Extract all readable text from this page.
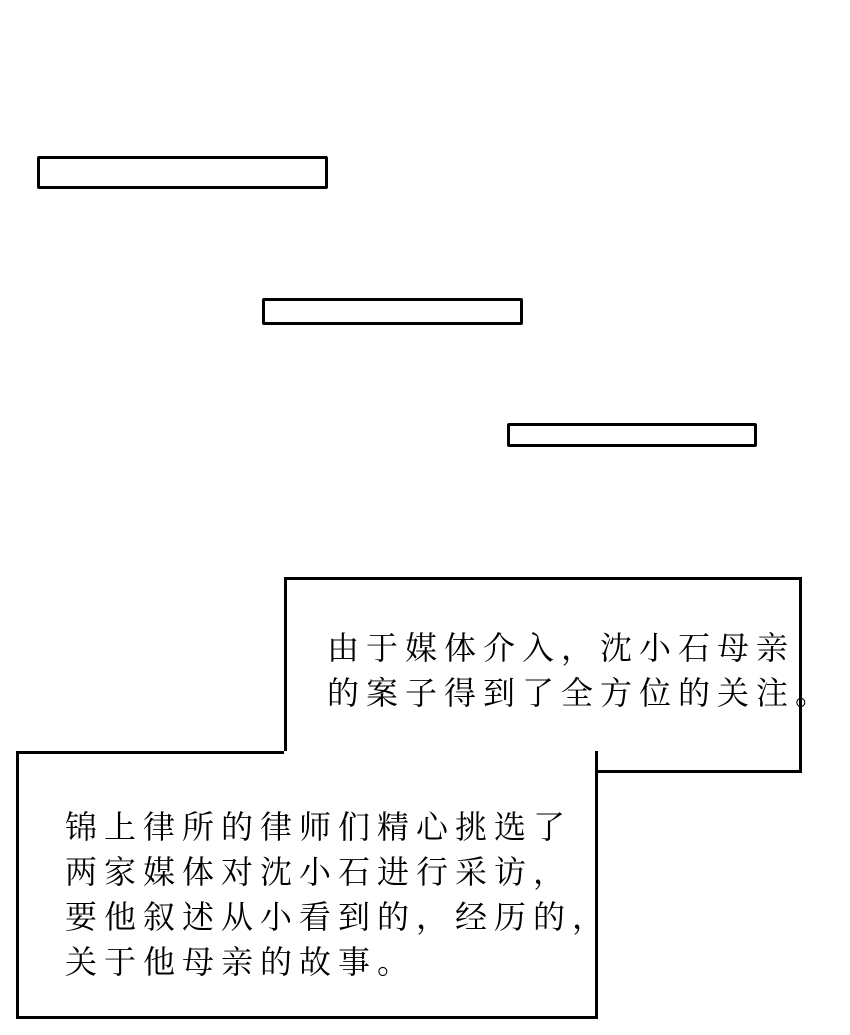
由于媒体介入，沈小石母亲
的案子得到了全方位的关注。
锦上律所的律师们精心挑选了
两家媒体对沈小石进行采访，
要他叙述从小看到的，经历的，
关于他母亲的故事。
